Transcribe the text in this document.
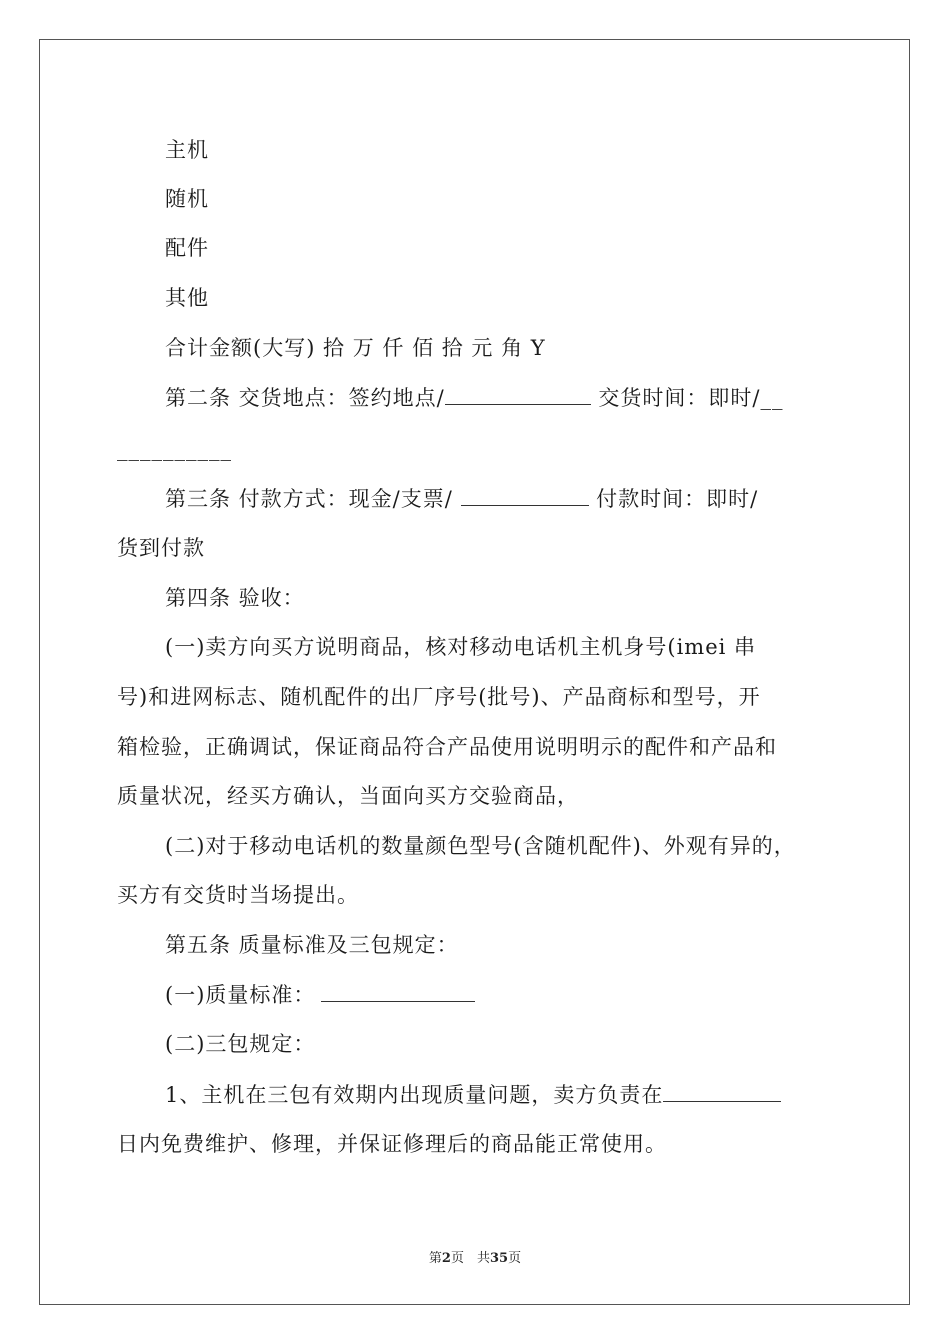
主机
随机
配件
其他
合计金额(大写) 拾 万 仟 佰 拾 元 角 Y
第二条 交货地点：签约地点/	交货时间：即时/__
__________
第三条 付款方式：现金/支票/	付款时间：即时/
货到付款
第四条 验收：
(一)卖方向买方说明商品，核对移动电话机主机身号(imei 串
号)和进网标志、随机配件的出厂序号(批号)、产品商标和型号，开
箱检验，正确调试，保证商品符合产品使用说明明示的配件和产品和
质量状况，经买方确认，当面向买方交验商品，
(二)对于移动电话机的数量颜色型号(含随机配件)、外观有异的，
买方有交货时当场提出。
第五条 质量标准及三包规定：
(一)质量标准：
(二)三包规定：
1、主机在三包有效期内出现质量问题，卖方负责在
日内免费维护、修理，并保证修理后的商品能正常使用。
第2页　共35页
